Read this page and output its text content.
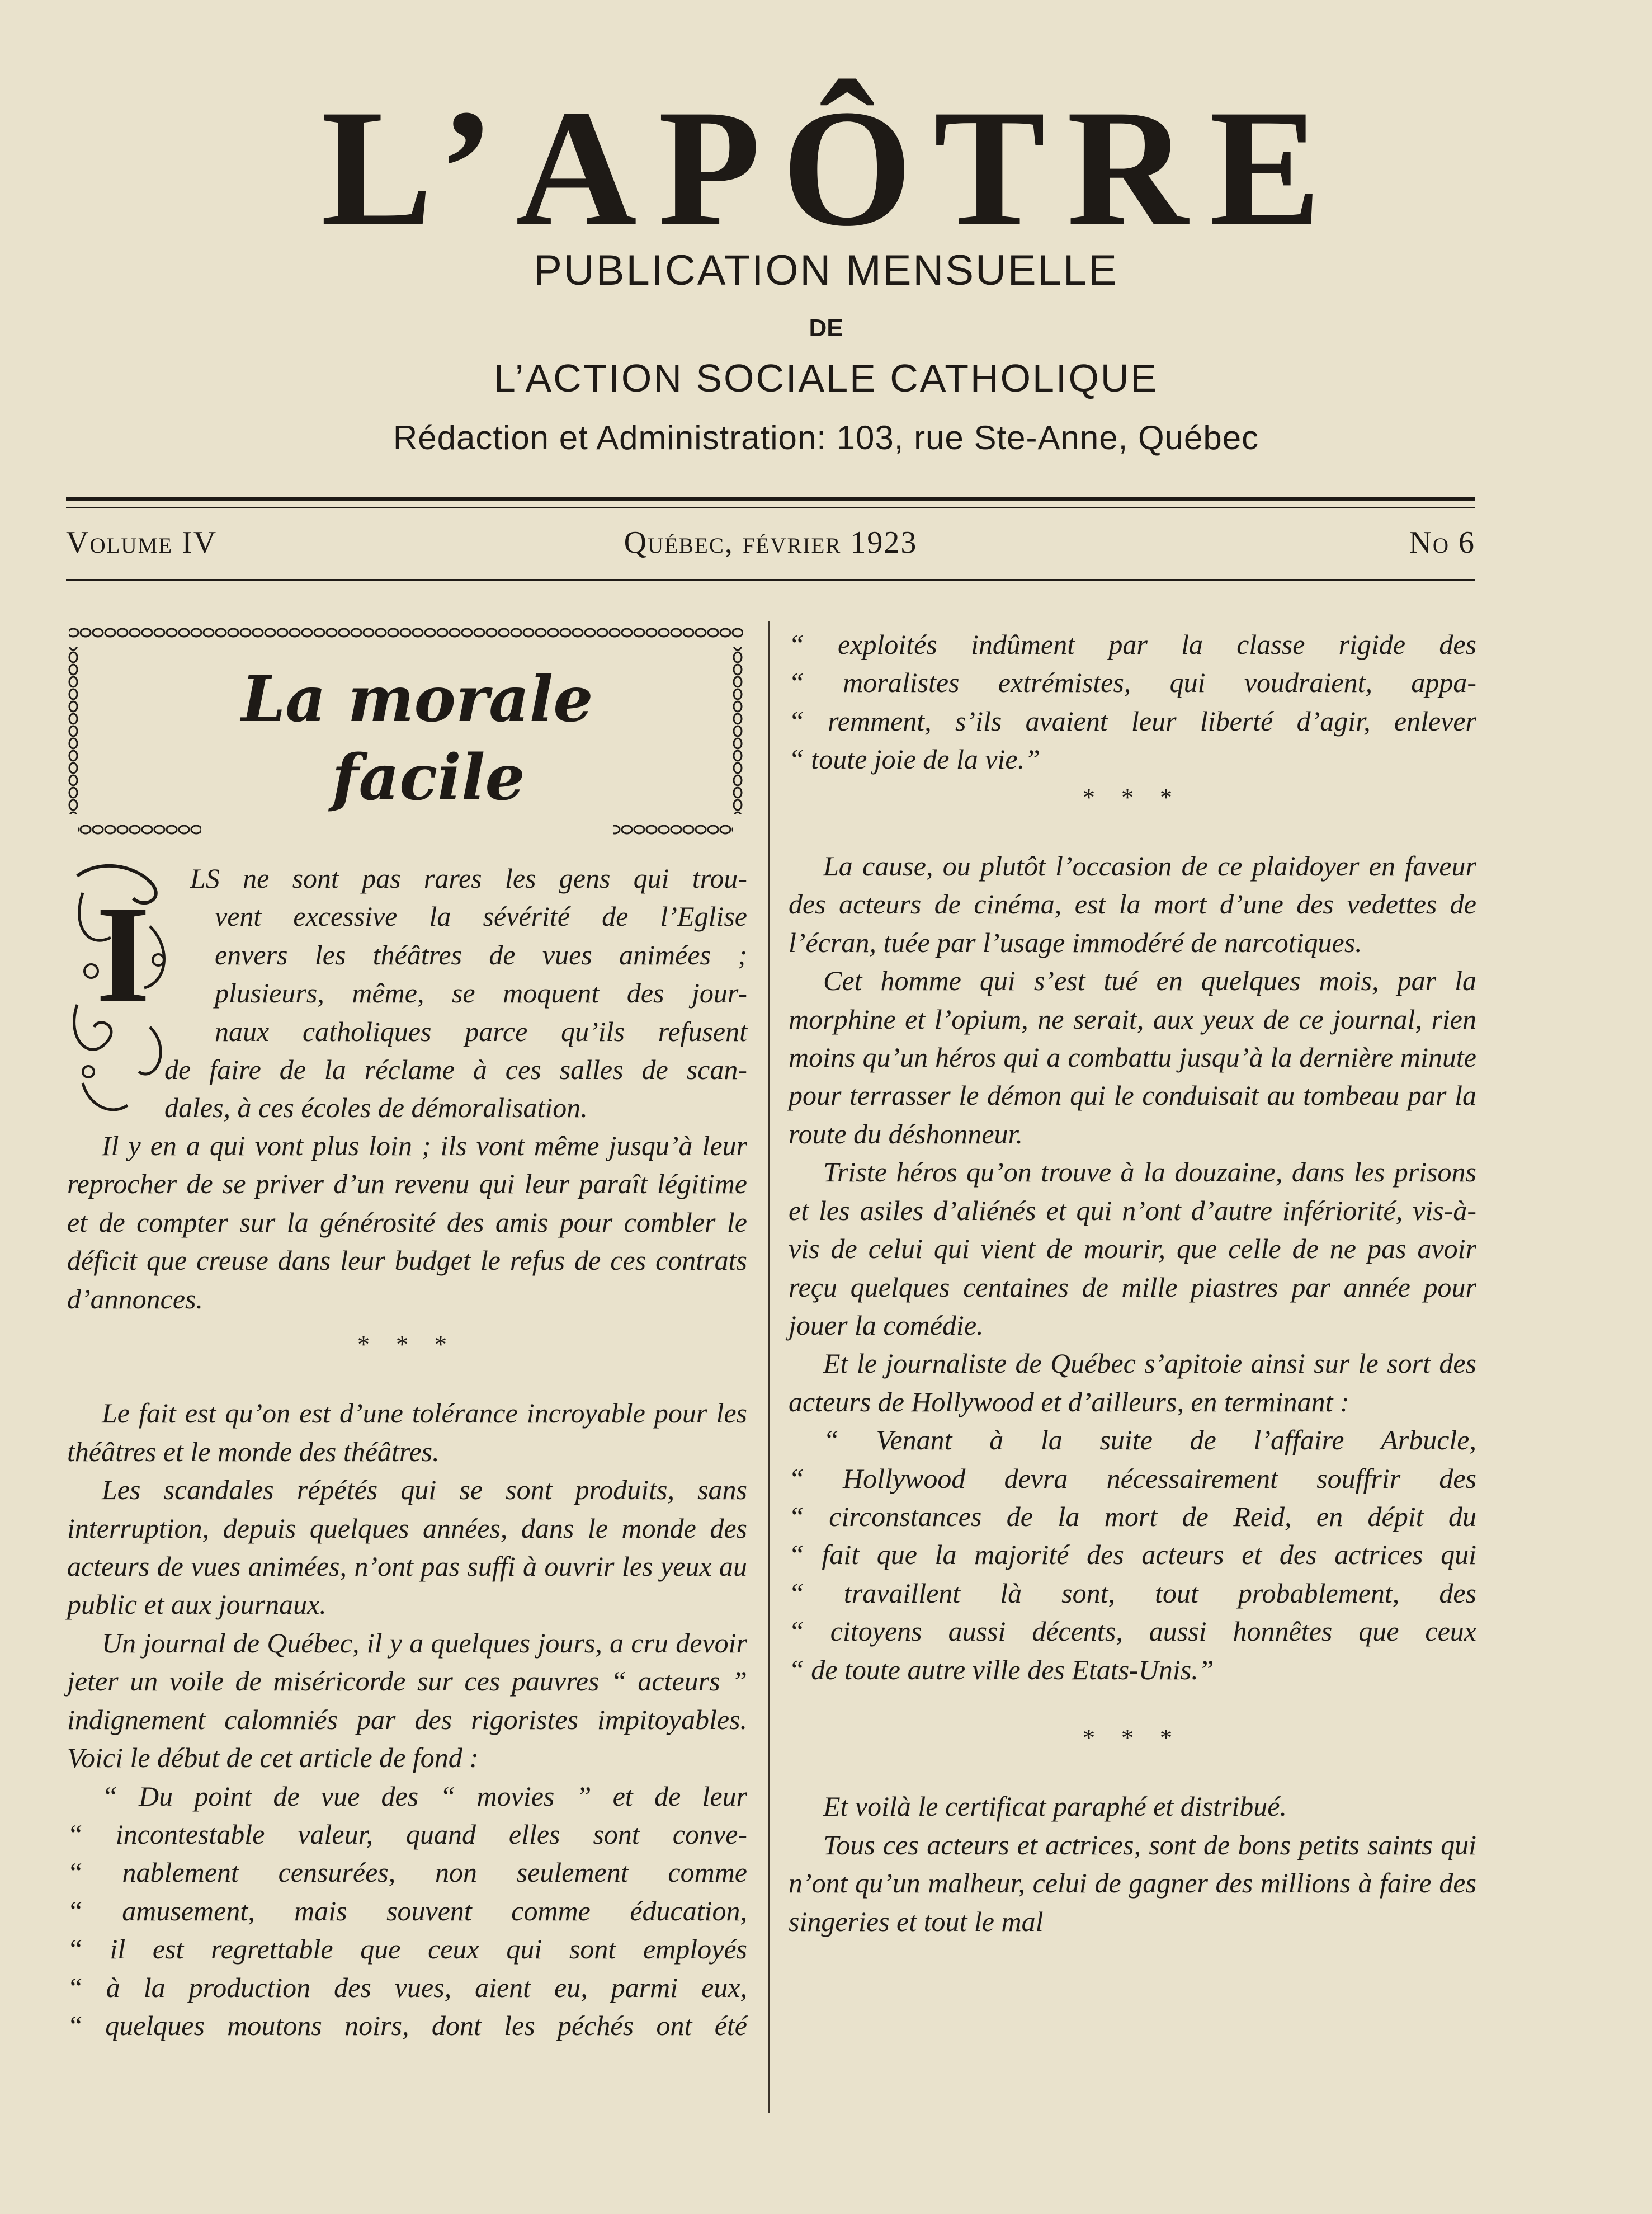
L’APÔTRE
PUBLICATION MENSUELLE
DE
L’ACTION SOCIALE CATHOLIQUE
Rédaction et Administration: 103, rue Ste-Anne, Québec
Volume IV	Québec, février 1923	No 6
La morale
facile
I LS ne sont pas rares les gens qui trou-
vent excessive la sévérité de l’Eglise
envers les théâtres de vues animées ;
plusieurs, même, se moquent des jour-
naux catholiques parce qu’ils refusent
de faire de la réclame à ces salles de scan-
dales, à ces écoles de démoralisation.

Il y en a qui vont plus loin ; ils vont même jusqu’à leur reprocher de se priver d’un revenu qui leur paraît légitime et de compter sur la générosité des amis pour combler le déficit que creuse dans leur budget le refus de ces contrats d’annonces.

* * *

Le fait est qu’on est d’une tolérance incroyable pour les théâtres et le monde des théâtres.

Les scandales répétés qui se sont produits, sans interruption, depuis quelques années, dans le monde des acteurs de vues animées, n’ont pas suffi à ouvrir les yeux au public et aux journaux.

Un journal de Québec, il y a quelques jours, a cru devoir jeter un voile de miséricorde sur ces pauvres “ acteurs ” indignement calomniés par des rigoristes impitoyables. Voici le début de cet article de fond :

“ Du point de vue des “ movies ” et de leur
“ incontestable valeur, quand elles sont conve-
“ nablement censurées, non seulement comme
“ amusement, mais souvent comme éducation,
“ il est regrettable que ceux qui sont employés
“ à la production des vues, aient eu, parmi eux,
“ quelques moutons noirs, dont les péchés ont été
“ exploités indûment par la classe rigide des
“ moralistes extrémistes, qui voudraient, appa-
“ remment, s’ils avaient leur liberté d’agir, enlever
“ toute joie de la vie.”

* * *

La cause, ou plutôt l’occasion de ce plaidoyer en faveur des acteurs de cinéma, est la mort d’une des vedettes de l’écran, tuée par l’usage immodéré de narcotiques.

Cet homme qui s’est tué en quelques mois, par la morphine et l’opium, ne serait, aux yeux de ce journal, rien moins qu’un héros qui a combattu jusqu’à la dernière minute pour terrasser le démon qui le conduisait au tombeau par la route du déshonneur.

Triste héros qu’on trouve à la douzaine, dans les prisons et les asiles d’aliénés et qui n’ont d’autre infériorité, vis-à-vis de celui qui vient de mourir, que celle de ne pas avoir reçu quelques centaines de mille piastres par année pour jouer la comédie.

Et le journaliste de Québec s’apitoie ainsi sur le sort des acteurs de Hollywood et d’ailleurs, en terminant :

“ Venant à la suite de l’affaire Arbucle,
“ Hollywood devra nécessairement souffrir des
“ circonstances de la mort de Reid, en dépit du
“ fait que la majorité des acteurs et des actrices qui
“ travaillent là sont, tout probablement, des
“ citoyens aussi décents, aussi honnêtes que ceux
“ de toute autre ville des Etats-Unis.”

* * *

Et voilà le certificat paraphé et distribué.

Tous ces acteurs et actrices, sont de bons petits saints qui n’ont qu’un malheur, celui de gagner des millions à faire des singeries et tout le mal
